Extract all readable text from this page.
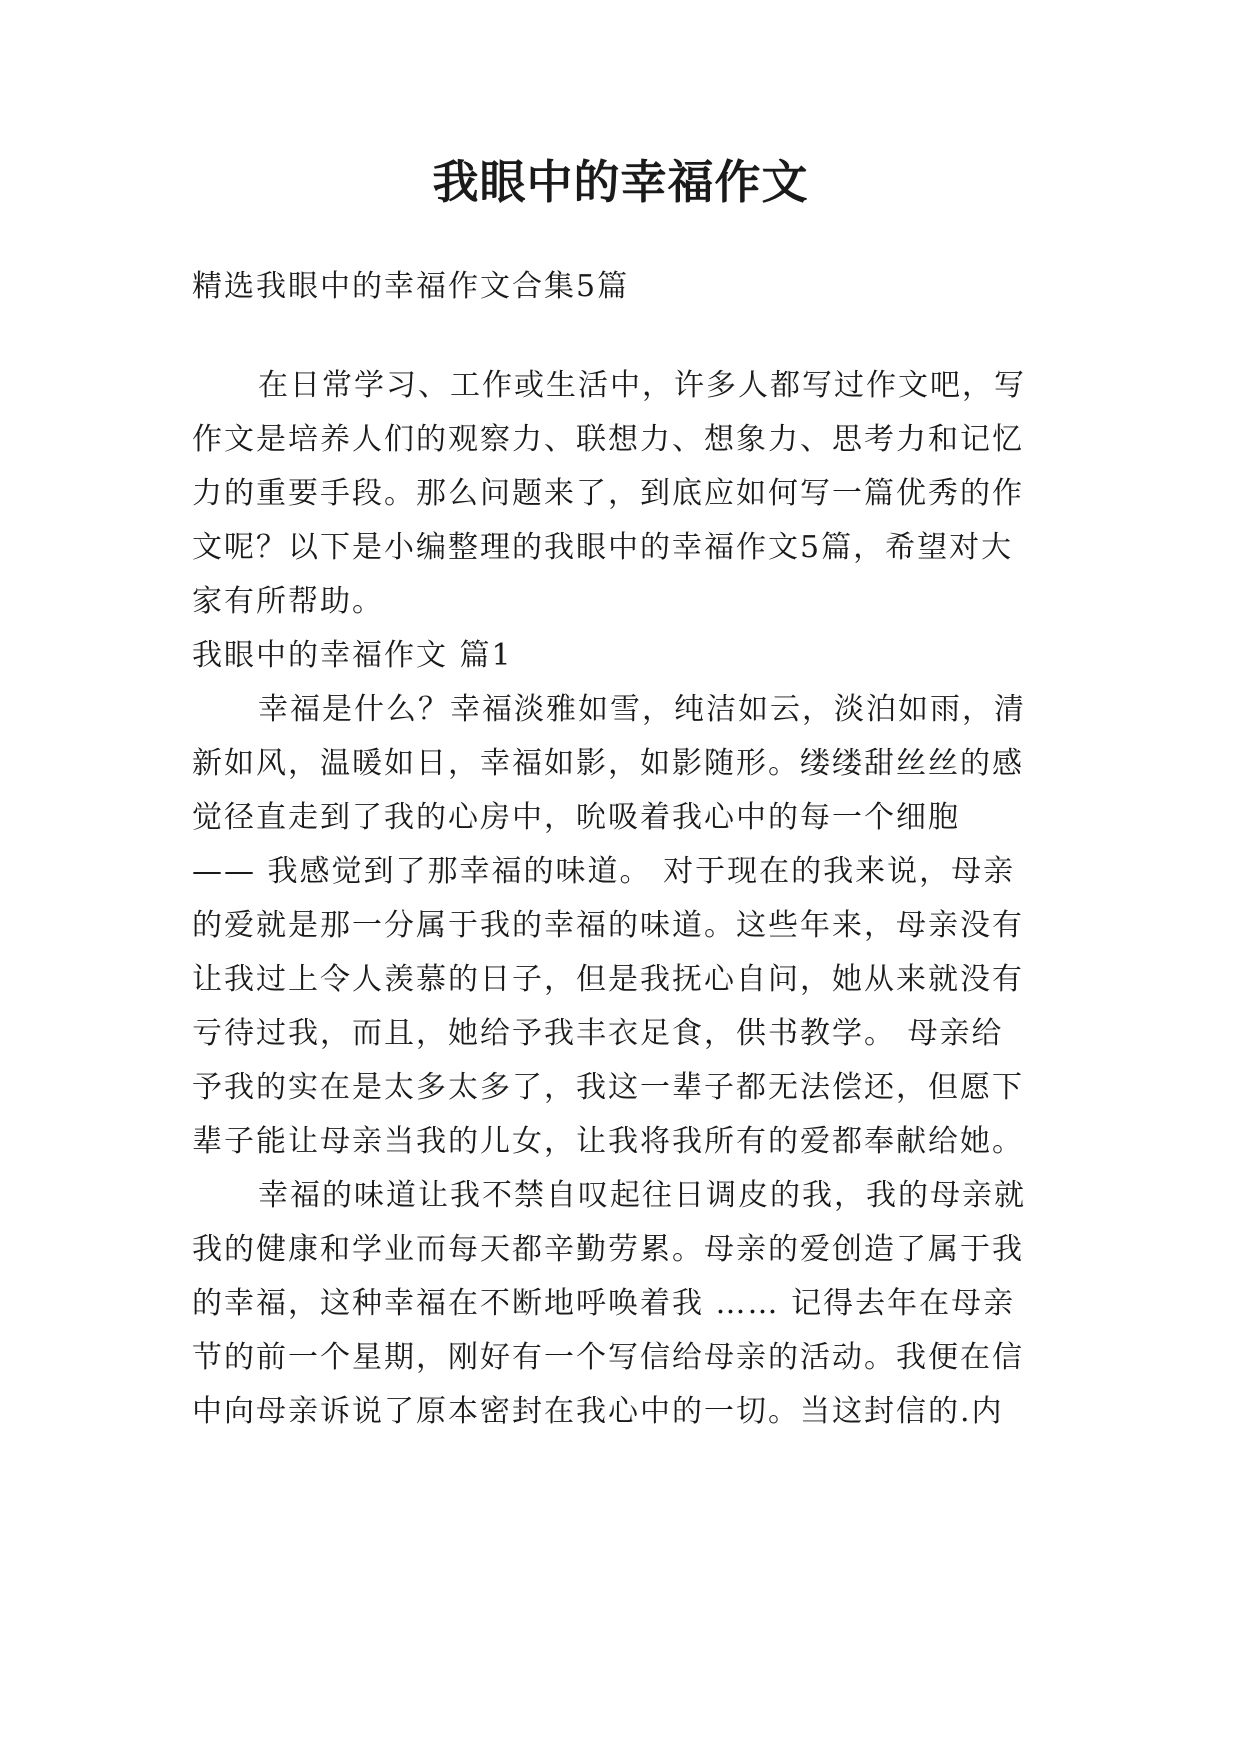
我眼中的幸福作文
精选我眼中的幸福作文合集5篇
在日常学习、工作或生活中，许多人都写过作文吧，写
作文是培养人们的观察力、联想力、想象力、思考力和记忆
力的重要手段。那么问题来了，到底应如何写一篇优秀的作
文呢？以下是小编整理的我眼中的幸福作文5篇，希望对大
家有所帮助。
我眼中的幸福作文 篇1
幸福是什么？幸福淡雅如雪，纯洁如云，淡泊如雨，清
新如风，温暖如日，幸福如影，如影随形。缕缕甜丝丝的感
觉径直走到了我的心房中，吮吸着我心中的每一个细胞
—— 我感觉到了那幸福的味道。 对于现在的我来说，母亲
的爱就是那一分属于我的幸福的味道。这些年来，母亲没有
让我过上令人羡慕的日子，但是我抚心自问，她从来就没有
亏待过我，而且，她给予我丰衣足食，供书教学。 母亲给
予我的实在是太多太多了，我这一辈子都无法偿还，但愿下
辈子能让母亲当我的儿女，让我将我所有的爱都奉献给她。
幸福的味道让我不禁自叹起往日调皮的我，我的母亲就
我的健康和学业而每天都辛勤劳累。母亲的爱创造了属于我
的幸福，这种幸福在不断地呼唤着我 …… 记得去年在母亲
节的前一个星期，刚好有一个写信给母亲的活动。我便在信
中向母亲诉说了原本密封在我心中的一切。当这封信的.内
